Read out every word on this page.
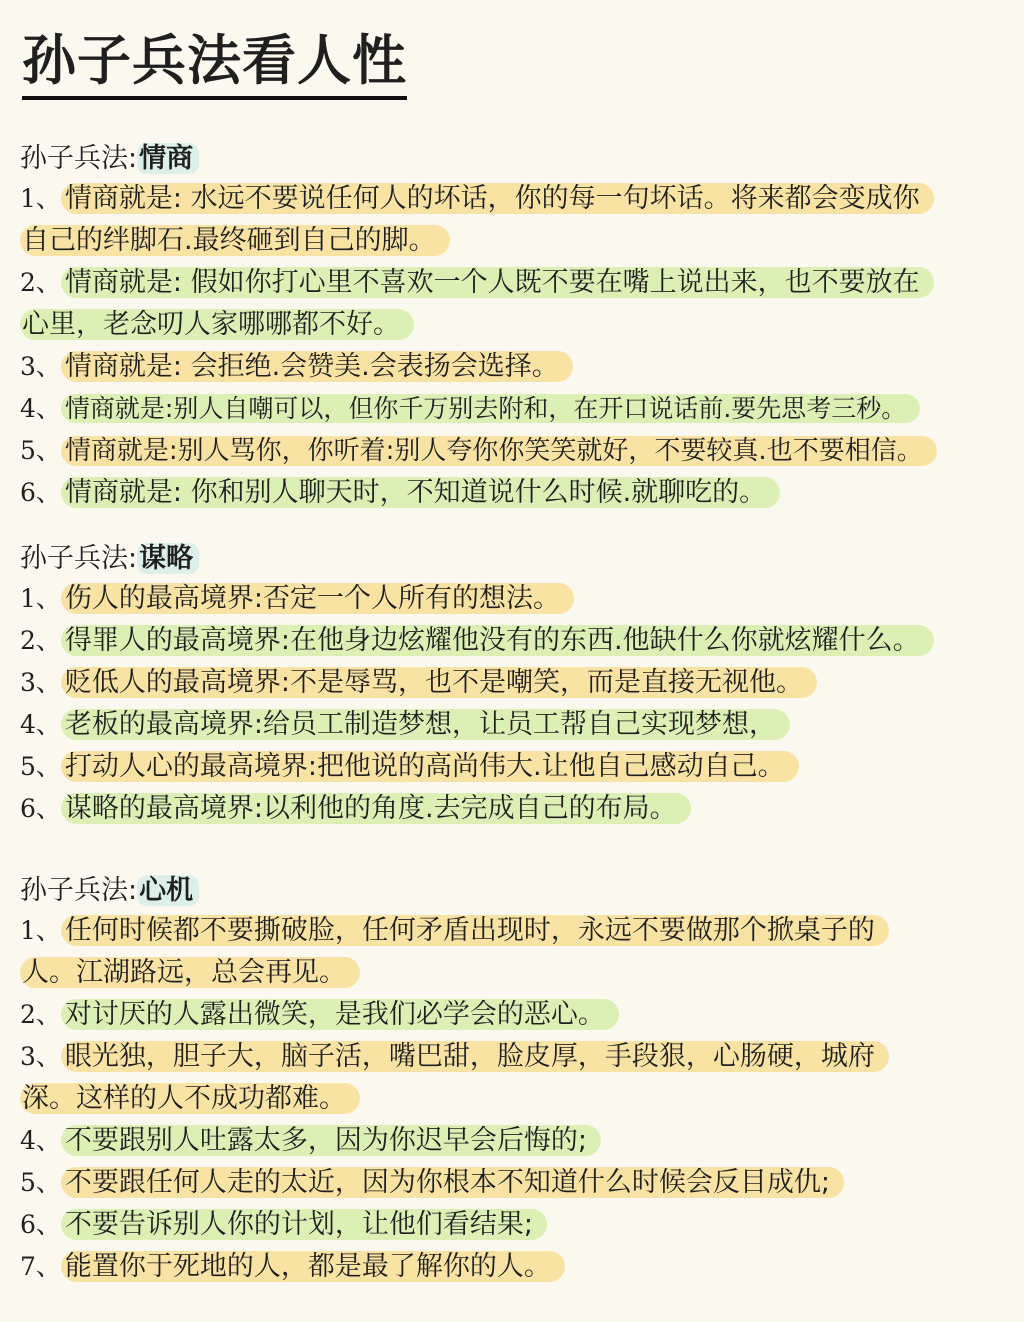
孙子兵法看人性
孙子兵法:情商
1、 情商就是: 水远不要说任何人的坏话，你的每一句坏话。将来都会变成你
自己的绊脚石.最终砸到自己的脚。
2、 情商就是: 假如你打心里不喜欢一个人既不要在嘴上说出来，也不要放在
心里，老念叨人家哪哪都不好。
3、 情商就是: 会拒绝.会赞美.会表扬会选择。
4、 情商就是:别人自嘲可以，但你千万别去附和，在开口说话前.要先思考三秒。
5、 情商就是:别人骂你，你听着:别人夸你你笑笑就好，不要较真.也不要相信。
6、 情商就是: 你和别人聊天时，不知道说什么时候.就聊吃的。
孙子兵法:谋略
1、 伤人的最高境界:否定一个人所有的想法。
2、 得罪人的最高境界:在他身边炫耀他没有的东西.他缺什么你就炫耀什么。
3、 贬低人的最高境界:不是辱骂，也不是嘲笑，而是直接无视他。
4、 老板的最高境界:给员工制造梦想，让员工帮自己实现梦想，
5、 打动人心的最高境界:把他说的高尚伟大.让他自己感动自己。
6、 谋略的最高境界:以利他的角度.去完成自己的布局。
孙子兵法:心机
1、 任何时候都不要撕破脸，任何矛盾出现时，永远不要做那个掀桌子的
人。江湖路远，总会再见。
2、 对讨厌的人露出微笑，是我们必学会的恶心。
3、 眼光独，胆子大，脑子活，嘴巴甜，脸皮厚，手段狠，心肠硬，城府
深。这样的人不成功都难。
4、 不要跟别人吐露太多，因为你迟早会后悔的;
5、 不要跟任何人走的太近，因为你根本不知道什么时候会反目成仇;
6、 不要告诉别人你的计划，让他们看结果;
7、 能置你于死地的人，都是最了解你的人。
